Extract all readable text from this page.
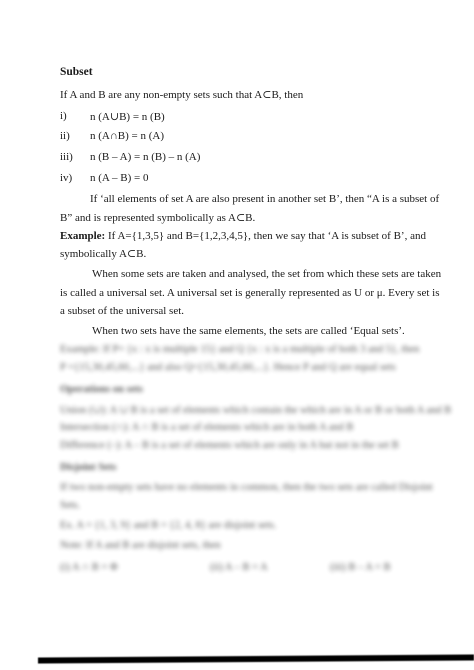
Subset
If A and B are any non-empty sets such that A⊂B, then
i) n (A∪B) = n (B)
ii) n (A∩B) = n (A)
iii) n (B – A) = n (B) – n (A)
iv) n (A – B) = 0
If ‘all elements of set A are also present in another set B’, then “A is a subset of
B” and is represented symbolically as A⊂B.
Example: If A={1,3,5} and B={1,2,3,4,5}, then we say that ‘A is subset of B’, and
symbolically A⊂B.
When some sets are taken and analysed, the set from which these sets are taken
is called a universal set. A universal set is generally represented as U or μ. Every set is
a subset of the universal set.
When two sets have the same elements, the sets are called ‘Equal sets’.
Example: If P= {x : x is multiple 15} and Q {x : x is a multiple of both 3 and 5}, then
P ={15,30,45,60,...} and also Q={15,30,45,60,...}. Hence P and Q are equal sets
Operations on sets
Union (∪): A ∪ B is a set of elements which contain the which are in A or B or both A and B
Intersection (∩): A ∩ B is a set of elements which are in both A and B
Difference (–): A – B is a set of elements which are only in A but not in the set B
Disjoint Sets
If two non-empty sets have no elements in common, then the two sets are called Disjoint
Sets.
Ex. A = {1, 3, 9} and B = {2, 4, 8} are disjoint sets.
Note: If A and B are disjoint sets, then
(i) A ∩ B = Φ	(ii) A – B = A	(iii) B – A = B
